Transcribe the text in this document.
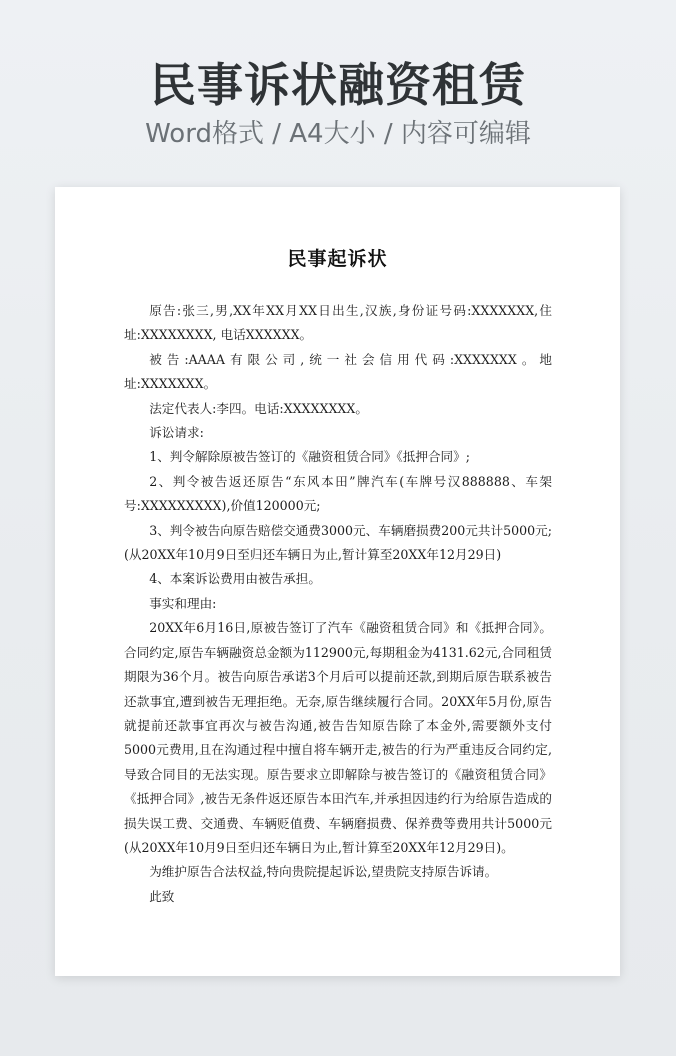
民事诉状融资租赁
Word格式 / A4大小 / 内容可编辑
民事起诉状

原告:张三,男,XX年XX月XX日出生,汉族,身份证号码:XXXXXXX,住址:XXXXXXXX, 电话XXXXXX。

被告:AAAA有限公司,统一社会信用代码:XXXXXXX。地址:XXXXXXX。

法定代表人:李四。电话:XXXXXXXX。

诉讼请求:

1、判令解除原被告签订的《融资租赁合同》《抵押合同》;

2、判令被告返还原告“东风本田”牌汽车(车牌号汉888888、车架号:XXXXXXXXX),价值120000元;

3、判令被告向原告赔偿交通费3000元、车辆磨损费200元共计5000元;(从20XX年10月9日至归还车辆日为止,暂计算至20XX年12月29日)

4、本案诉讼费用由被告承担。

事实和理由:

20XX年6月16日,原被告签订了汽车《融资租赁合同》和《抵押合同》。合同约定,原告车辆融资总金额为112900元,每期租金为4131.62元,合同租赁期限为36个月。被告向原告承诺3个月后可以提前还款,到期后原告联系被告还款事宜,遭到被告无理拒绝。无奈,原告继续履行合同。20XX年5月份,原告就提前还款事宜再次与被告沟通,被告告知原告除了本金外,需要额外支付5000元费用,且在沟通过程中擅自将车辆开走,被告的行为严重违反合同约定,导致合同目的无法实现。原告要求立即解除与被告签订的《融资租赁合同》《抵押合同》,被告无条件返还原告本田汽车,并承担因违约行为给原告造成的损失误工费、交通费、车辆贬值费、车辆磨损费、保养费等费用共计5000元(从20XX年10月9日至归还车辆日为止,暂计算至20XX年12月29日)。

为维护原告合法权益,特向贵院提起诉讼,望贵院支持原告诉请。

此致
